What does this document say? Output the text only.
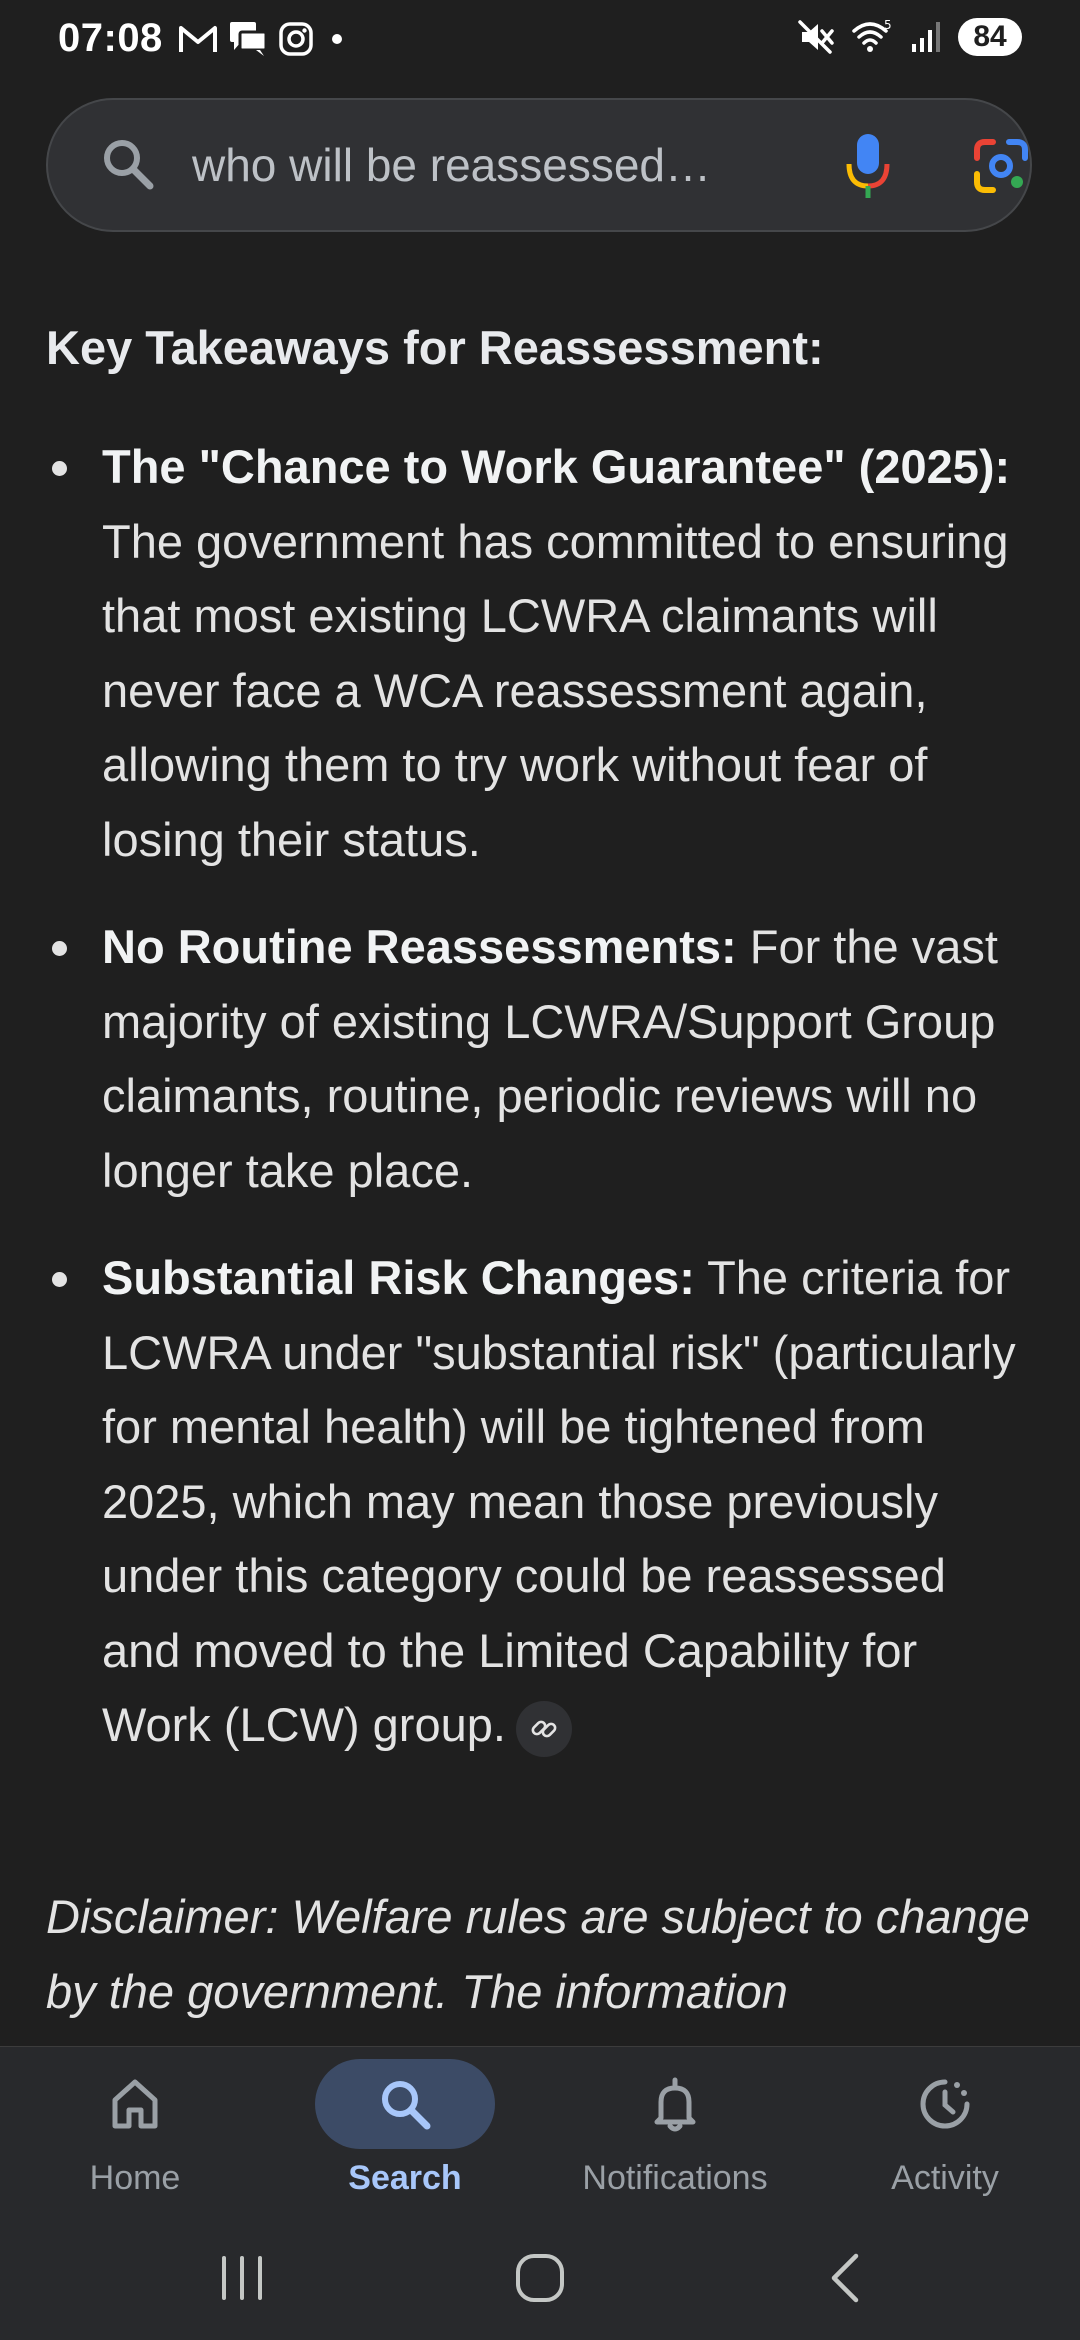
07:08	5	84
who will be reassessed…
Key Takeaways for Reassessment:
The "Chance to Work Guarantee" (2025): The government has committed to ensuring that most existing LCWRA claimants will never face a WCA reassessment again, allowing them to try work without fear of losing their status.
No Routine Reassessments: For the vast majority of existing LCWRA/Support Group claimants, routine, periodic reviews will no longer take place.
Substantial Risk Changes: The criteria for LCWRA under "substantial risk" (particularly for mental health) will be tightened from 2025, which may mean those previously under this category could be reassessed and moved to the Limited Capability for Work (LCW) group.

Disclaimer: Welfare rules are subject to change by the government. The information

Home	Search	Notifications	Activity
